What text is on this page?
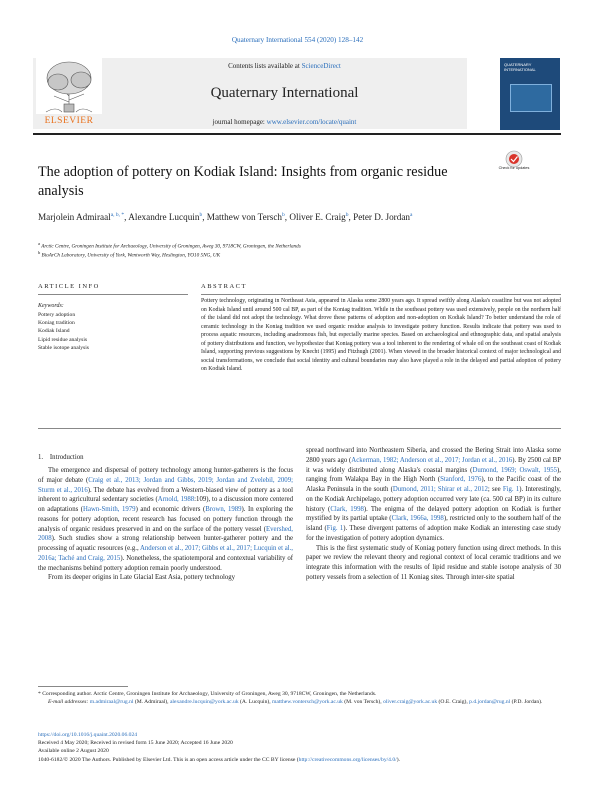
Quaternary International 554 (2020) 128–142
ELSEVIER
Contents lists available at ScienceDirect
Quaternary International
journal homepage: www.elsevier.com/locate/quaint
QUATERNARY INTERNATIONAL
The adoption of pottery on Kodiak Island: Insights from organic residue analysis
Check for updates
Marjolein Admiraal$^{a, b, *}$, Alexandre Lucquin$^b$, Matthew von Tersch$^b$, Oliver E. Craig$^b$, Peter D. Jordan$^a$
$^a$ Arctic Centre, Groningen Institute for Archaeology, University of Groningen, Aweg 30, 9718CW, Groningen, the Netherlands
$^b$ BioArCh Laboratory, University of York, Wentworth Way, Heslington, YO10 5NG, UK
ARTICLE INFO	ABSTRACT
Keywords:
Pottery adoption
Koniag tradition
Kodiak Island
Lipid residue analysis
Stable isotope analysis
Pottery technology, originating in Northeast Asia, appeared in Alaska some 2800 years ago. It spread swiftly along Alaska's coastline but was not adopted on Kodiak Island until around 500 cal BP, as part of the Koniag tradition. While in the southeast pottery was used extensively, people on the northern half of the island did not adopt the technology. What drove these patterns of adoption and non-adoption on Kodiak Island? To better understand the role of ceramic technology in the Koniag tradition we used organic residue analysis to investigate pottery function. Results indicate that pottery was used to process aquatic resources, including anadromous fish, but especially marine species. Based on archaeological and ethnographic data, and spatial analysis of pottery distributions and function, we hypothesize that Koniag pottery was a tool inherent to the rendering of whale oil on the southeast coast of Kodiak Island, supporting previous suggestions by Knecht (1995) and Fitzhugh (2001). When viewed in the broader historical context of major technological and social transformations, we conclude that social identity and cultural boundaries may also have played a role in the delayed and partial adoption of pottery on Kodiak Island.
1. Introduction

The emergence and dispersal of pottery technology among hunter-gatherers is the focus of major debate (Craig et al., 2013; Jordan and Gibbs, 2019; Jordan and Zvelebil, 2009; Sturm et al., 2016). The debate has evolved from a Western-biased view of pottery as a tool inherent to agricultural sedentary societies (Arnold, 1988:109), to a discussion more centered on adaptations (Hawn-Smith, 1979) and economic drivers (Brown, 1989). In exploring the reasons for pottery adoption, recent research has focused on pottery function through the analysis of organic residues preserved in and on the surface of the pottery vessel (Evershed, 2008). Such studies show a strong relationship between hunter-gatherer pottery and the processing of aquatic resources (e.g., Anderson et al., 2017; Gibbs et al., 2017; Lucquin et al., 2016a; Taché and Craig, 2015). Nonetheless, the spatiotemporal and contextual variability of the mechanisms behind pottery adoption remain poorly understood.

From its deeper origins in Late Glacial East Asia, pottery technology

spread northward into Northeastern Siberia, and crossed the Bering Strait into Alaska some 2800 years ago (Ackerman, 1982; Anderson et al., 2017; Jordan et al., 2016). By 2500 cal BP it was widely distributed along Alaska's coastal margins (Dumond, 1969; Oswalt, 1955), ranging from Walakpa Bay in the High North (Stanford, 1976), to the Pacific coast of the Alaska Peninsula in the south (Dumond, 2011; Shirar et al., 2012; see Fig. 1). Interestingly, on the Kodiak Archipelago, pottery adoption occurred very late (ca. 500 cal BP) in its culture history (Clark, 1998). The enigma of the delayed pottery adoption on Kodiak is further mystified by its partial uptake (Clark, 1966a, 1998), restricted only to the southern half of the island (Fig. 1). These divergent patterns of adoption make Kodiak an interesting case study for the investigation of pottery adoption dynamics.

This is the first systematic study of Koniag pottery function using direct methods. In this paper we review the relevant theory and regional context of local ceramic traditions and we integrate this information with the results of lipid residue and stable isotope analysis of 30 pottery vessels from a selection of 11 Koniag sites. Through inter-site spatial

* Corresponding author. Arctic Centre, Groningen Institute for Archaeology, University of Groningen, Aweg 30, 9718CW, Groningen, the Netherlands.
E-mail addresses: m.admiraal@rug.nl (M. Admiraal), alexandre.lucquin@york.ac.uk (A. Lucquin), matthew.vontersch@york.ac.uk (M. von Tersch), oliver.craig@york.ac.uk (O.E. Craig), p.d.jordan@rug.nl (P.D. Jordan).
https://doi.org/10.1016/j.quaint.2020.06.024
Received 4 May 2020; Received in revised form 15 June 2020; Accepted 16 June 2020
Available online 2 August 2020
1040-6182/© 2020 The Authors. Published by Elsevier Ltd. This is an open access article under the CC BY license (http://creativecommons.org/licenses/by/4.0/).
